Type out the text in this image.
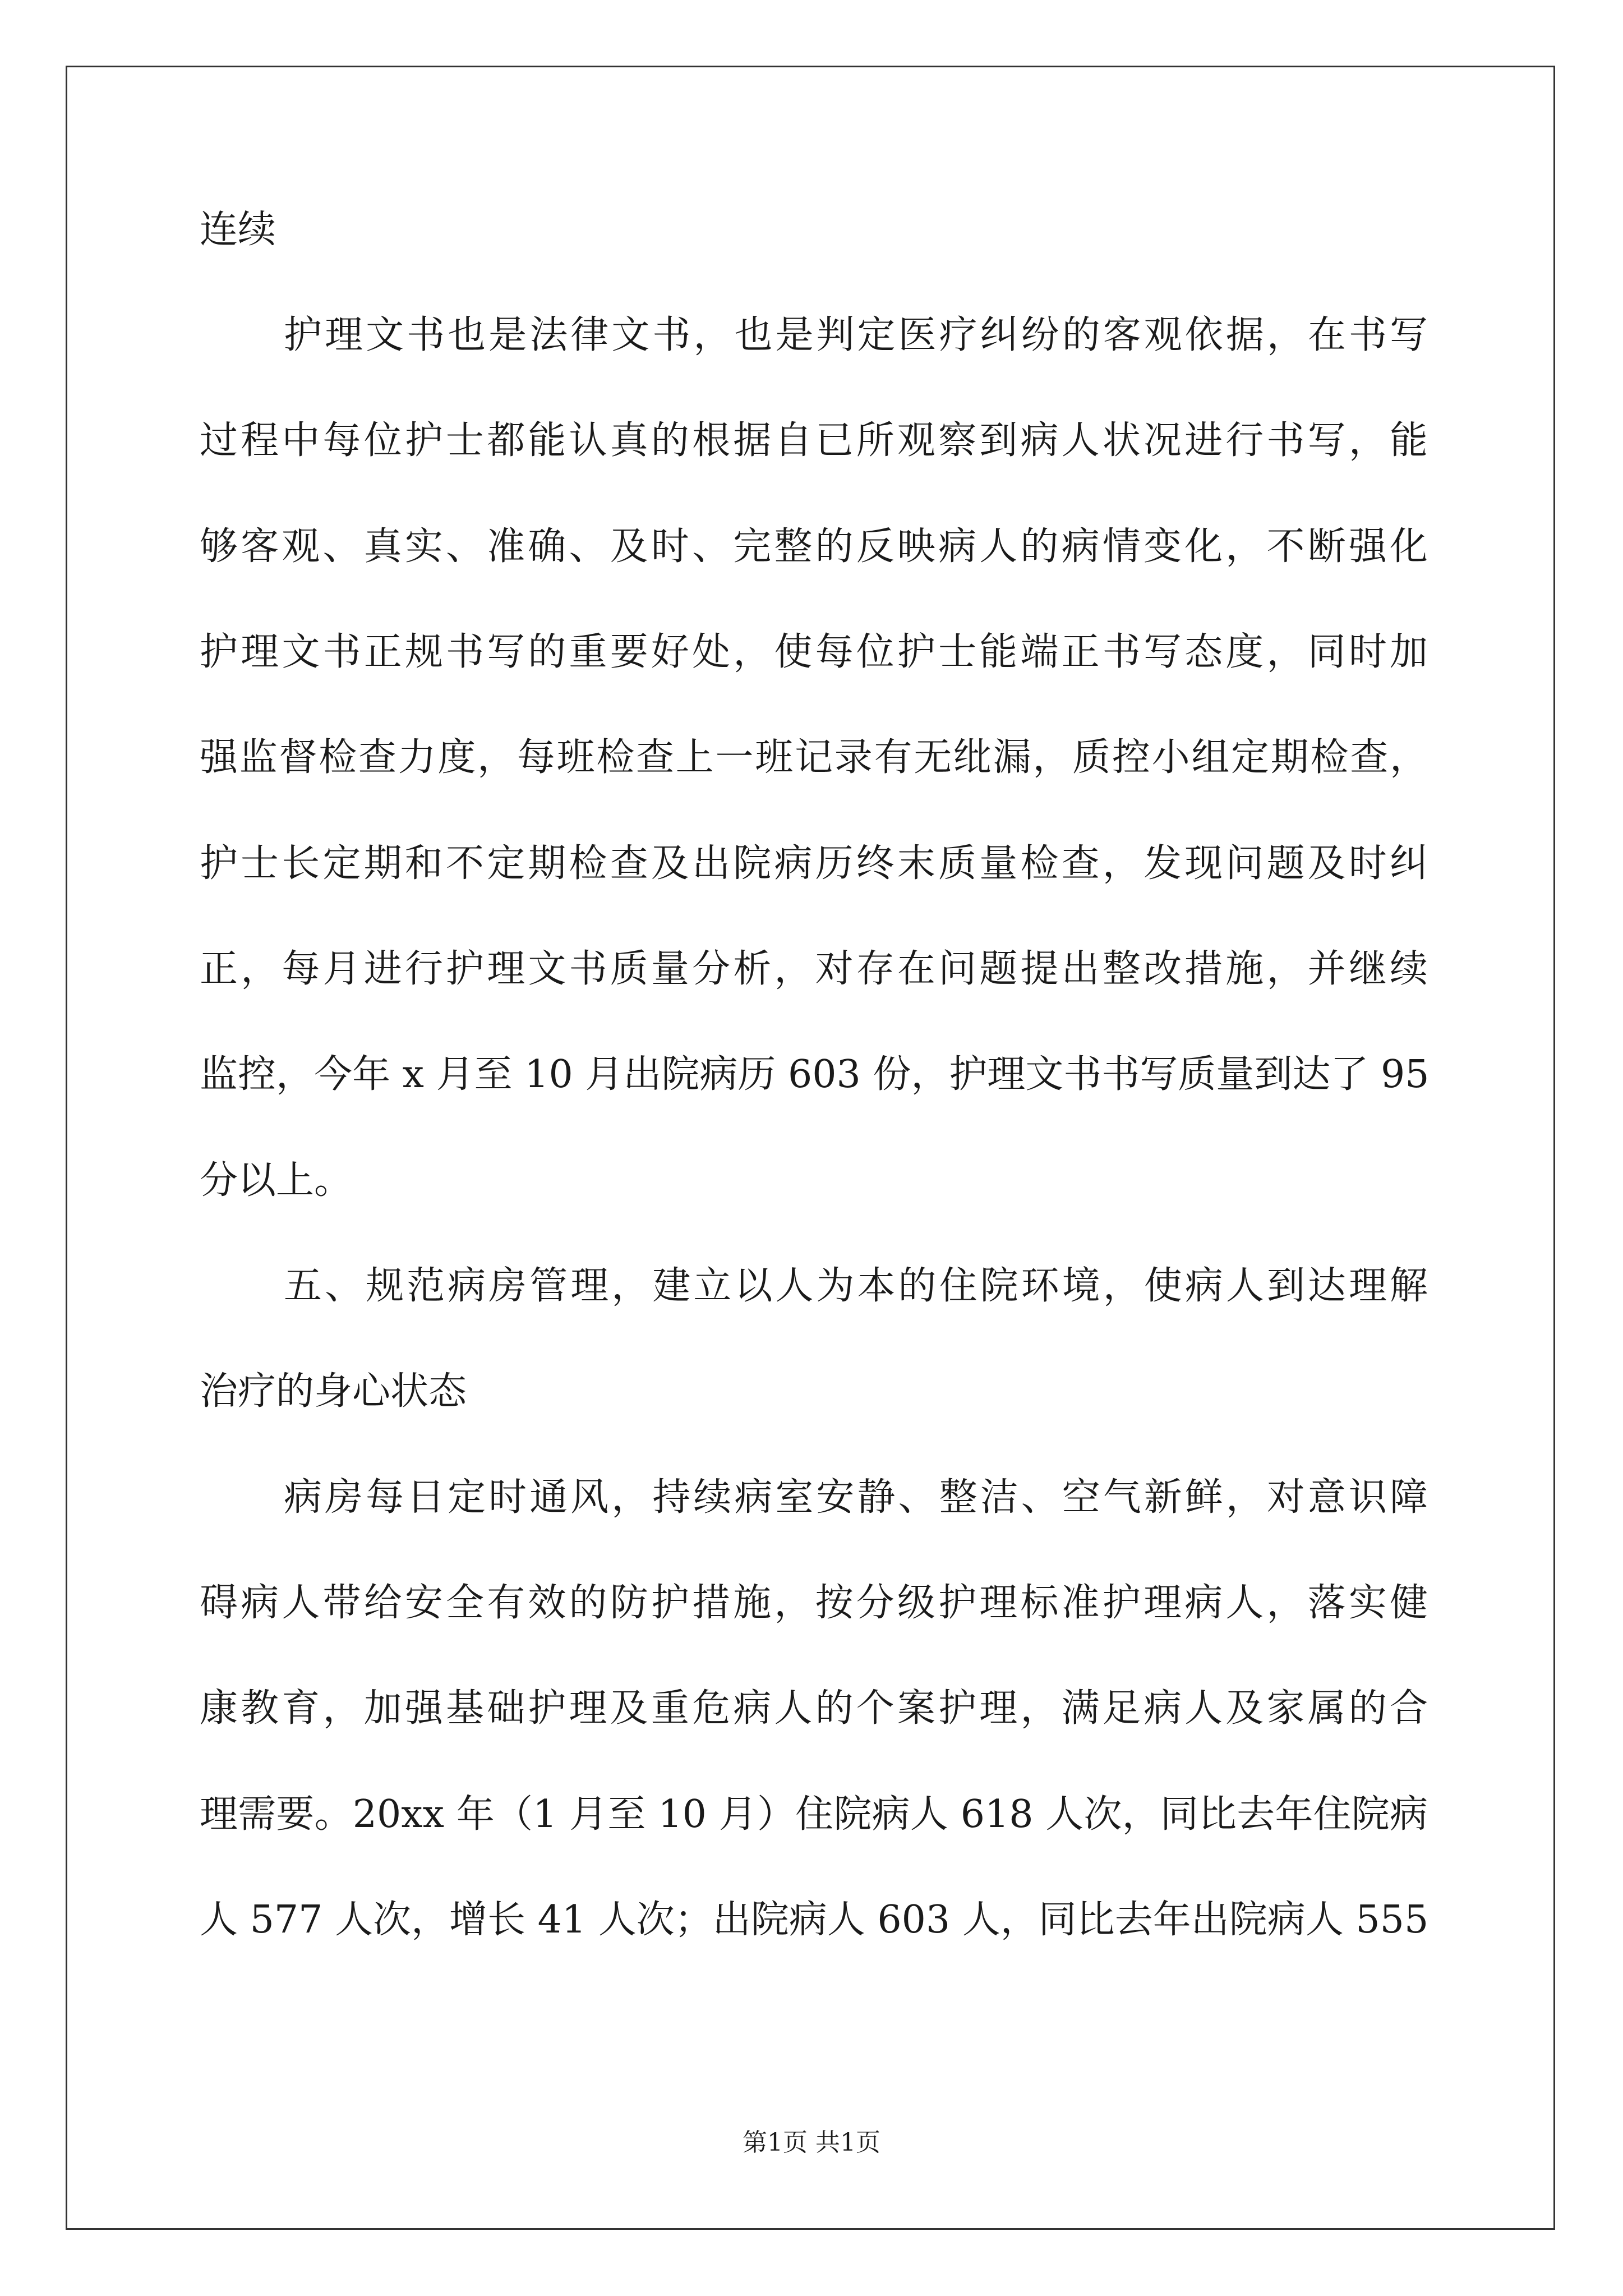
连续
护理文书也是法律文书，也是判定医疗纠纷的客观依据，在书写
过程中每位护士都能认真的根据自已所观察到病人状况进行书写，能
够客观、真实、准确、及时、完整的反映病人的病情变化，不断强化
护理文书正规书写的重要好处，使每位护士能端正书写态度，同时加
强监督检查力度，每班检查上一班记录有无纰漏，质控小组定期检查，
护士长定期和不定期检查及出院病历终末质量检查，发现问题及时纠
正，每月进行护理文书质量分析，对存在问题提出整改措施，并继续
监控，今年 x 月至 10 月出院病历 603 份，护理文书书写质量到达了 95
分以上。
五、规范病房管理，建立以人为本的住院环境，使病人到达理解
治疗的身心状态
病房每日定时通风，持续病室安静、整洁、空气新鲜，对意识障
碍病人带给安全有效的防护措施，按分级护理标准护理病人，落实健
康教育，加强基础护理及重危病人的个案护理，满足病人及家属的合
理需要。20xx 年（1 月至 10 月）住院病人 618 人次，同比去年住院病
人 577 人次，增长 41 人次；出院病人 603 人，同比去年出院病人 555
第1页 共1页
